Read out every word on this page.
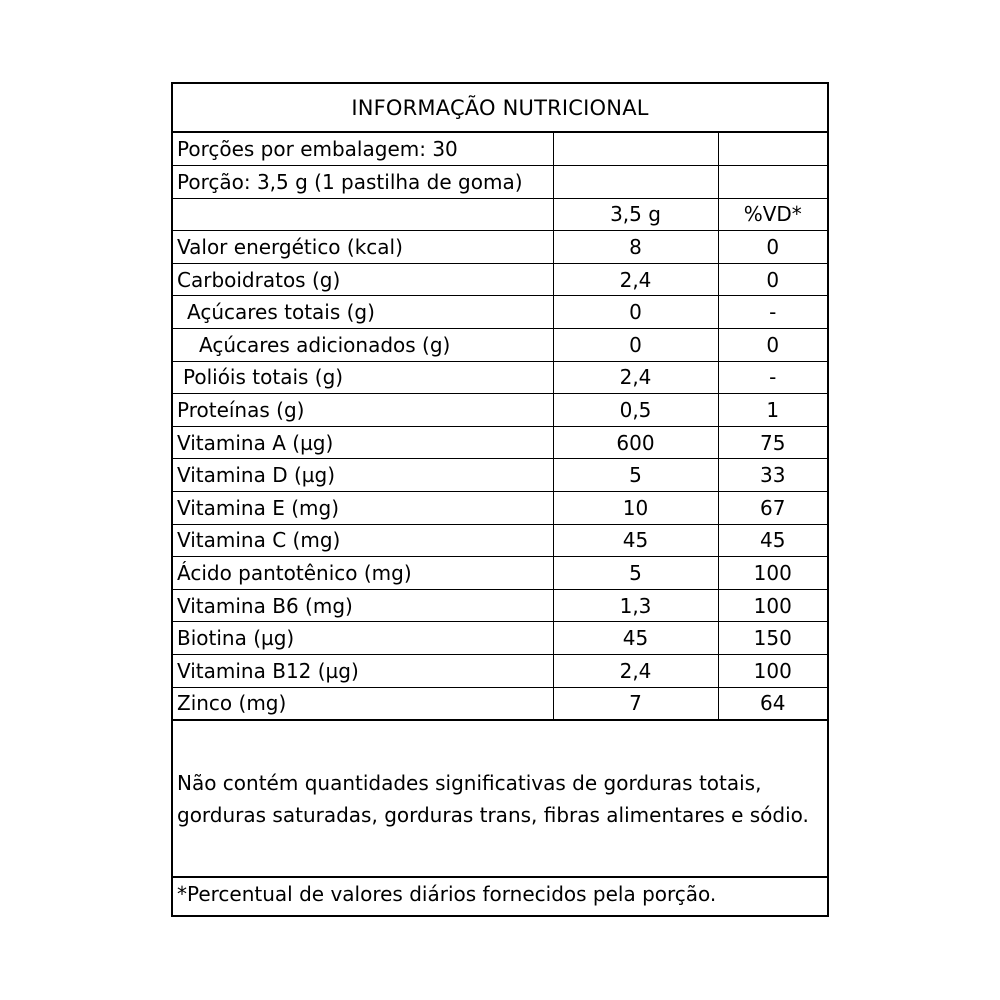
INFORMAÇÃO NUTRICIONAL
Porções por embalagem: 30		
Porção: 3,5 g (1 pastilha de goma)		
	3,5 g	%VD*
Valor energético (kcal)	8	0
Carboidratos (g)	2,4	0
Açúcares totais (g)	0	-
Açúcares adicionados (g)	0	0
Polióis totais (g)	2,4	-
Proteínas (g)	0,5	1
Vitamina A (µg)	600	75
Vitamina D (µg)	5	33
Vitamina E (mg)	10	67
Vitamina C (mg)	45	45
Ácido pantotênico (mg)	5	100
Vitamina B6 (mg)	1,3	100
Biotina (µg)	45	150
Vitamina B12 (µg)	2,4	100
Zinco (mg)	7	64
Não contém quantidades significativas de gorduras totais,
gorduras saturadas, gorduras trans, fibras alimentares e sódio.
*Percentual de valores diários fornecidos pela porção.
